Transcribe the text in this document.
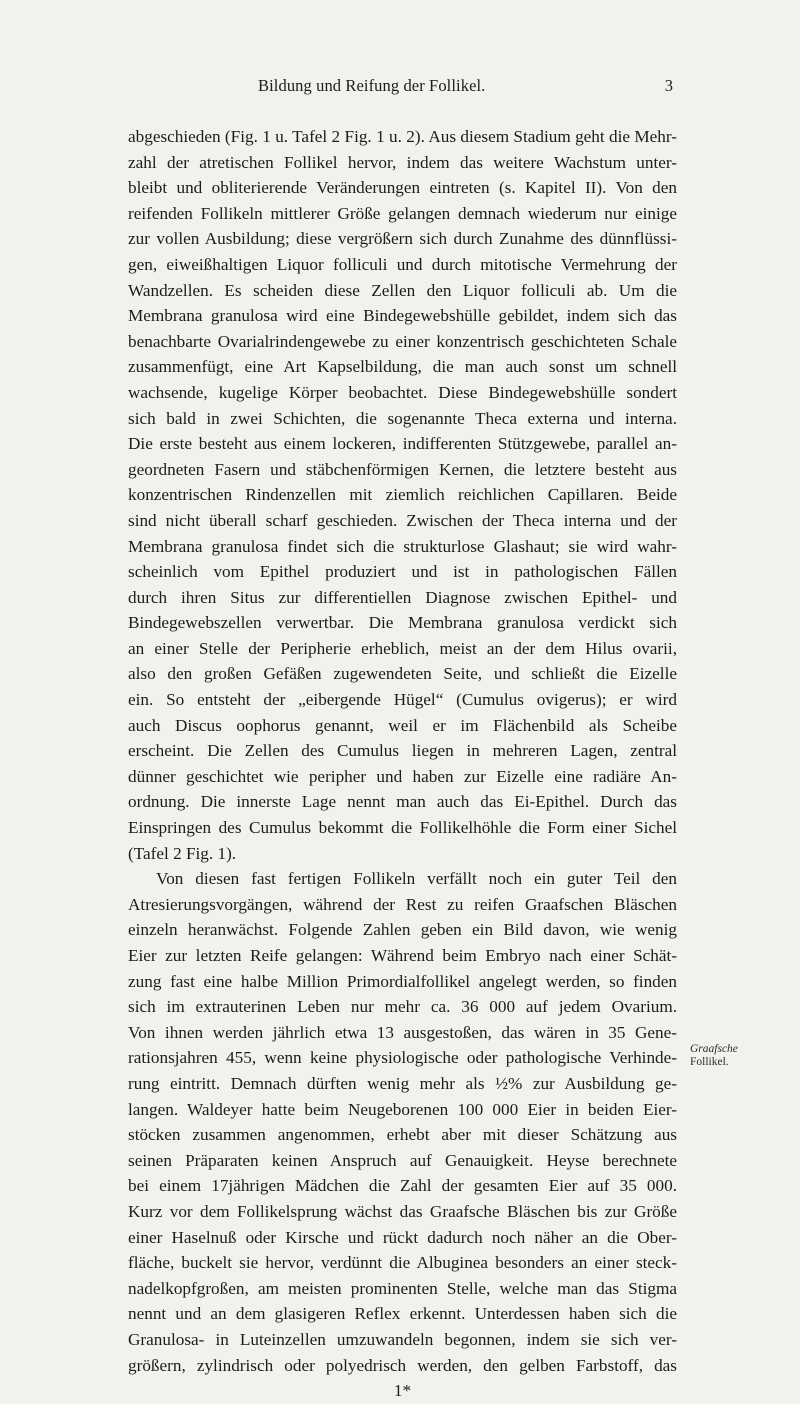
Bildung und Reifung der Follikel.	3
abgeschieden (Fig. 1 u. Tafel 2 Fig. 1 u. 2). Aus diesem Stadium geht die Mehr-
zahl der atretischen Follikel hervor, indem das weitere Wachstum unter-
bleibt und obliterierende Veränderungen eintreten (s. Kapitel II). Von den
reifenden Follikeln mittlerer Größe gelangen demnach wiederum nur einige
zur vollen Ausbildung; diese vergrößern sich durch Zunahme des dünnflüssi-
gen, eiweißhaltigen Liquor folliculi und durch mitotische Vermehrung der
Wandzellen. Es scheiden diese Zellen den Liquor folliculi ab. Um die
Membrana granulosa wird eine Bindegewebshülle gebildet, indem sich das
benachbarte Ovarialrindengewebe zu einer konzentrisch geschichteten Schale
zusammenfügt, eine Art Kapselbildung, die man auch sonst um schnell
wachsende, kugelige Körper beobachtet. Diese Bindegewebshülle sondert
sich bald in zwei Schichten, die sogenannte Theca externa und interna.
Die erste besteht aus einem lockeren, indifferenten Stützgewebe, parallel an-
geordneten Fasern und stäbchenförmigen Kernen, die letztere besteht aus
konzentrischen Rindenzellen mit ziemlich reichlichen Capillaren. Beide
sind nicht überall scharf geschieden. Zwischen der Theca interna und der
Membrana granulosa findet sich die strukturlose Glashaut; sie wird wahr-
scheinlich vom Epithel produziert und ist in pathologischen Fällen
durch ihren Situs zur differentiellen Diagnose zwischen Epithel- und
Bindegewebszellen verwertbar. Die Membrana granulosa verdickt sich
an einer Stelle der Peripherie erheblich, meist an der dem Hilus ovarii,
also den großen Gefäßen zugewendeten Seite, und schließt die Eizelle
ein. So entsteht der „eibergende Hügel“ (Cumulus ovigerus); er wird
auch Discus oophorus genannt, weil er im Flächenbild als Scheibe
erscheint. Die Zellen des Cumulus liegen in mehreren Lagen, zentral
dünner geschichtet wie peripher und haben zur Eizelle eine radiäre An-
ordnung. Die innerste Lage nennt man auch das Ei-Epithel. Durch das
Einspringen des Cumulus bekommt die Follikelhöhle die Form einer Sichel
(Tafel 2 Fig. 1).
Von diesen fast fertigen Follikeln verfällt noch ein guter Teil den
Atresierungsvorgängen, während der Rest zu reifen Graafschen Bläschen
einzeln heranwächst. Folgende Zahlen geben ein Bild davon, wie wenig
Eier zur letzten Reife gelangen: Während beim Embryo nach einer Schät-
zung fast eine halbe Million Primordialfollikel angelegt werden, so finden
sich im extrauterinen Leben nur mehr ca. 36 000 auf jedem Ovarium.
Von ihnen werden jährlich etwa 13 ausgestoßen, das wären in 35 Gene-
rationsjahren 455, wenn keine physiologische oder pathologische Verhinde-
rung eintritt. Demnach dürften wenig mehr als ½% zur Ausbildung ge-
langen. Waldeyer hatte beim Neugeborenen 100 000 Eier in beiden Eier-
stöcken zusammen angenommen, erhebt aber mit dieser Schätzung aus
seinen Präparaten keinen Anspruch auf Genauigkeit. Heyse berechnete
bei einem 17jährigen Mädchen die Zahl der gesamten Eier auf 35 000.
Kurz vor dem Follikelsprung wächst das Graafsche Bläschen bis zur Größe
einer Haselnuß oder Kirsche und rückt dadurch noch näher an die Ober-
fläche, buckelt sie hervor, verdünnt die Albuginea besonders an einer steck-
nadelkopfgroßen, am meisten prominenten Stelle, welche man das Stigma
nennt und an dem glasigeren Reflex erkennt. Unterdessen haben sich die
Granulosa- in Luteinzellen umzuwandeln begonnen, indem sie sich ver-
größern, zylindrisch oder polyedrisch werden, den gelben Farbstoff, das
1*
Graafsche
Follikel.
